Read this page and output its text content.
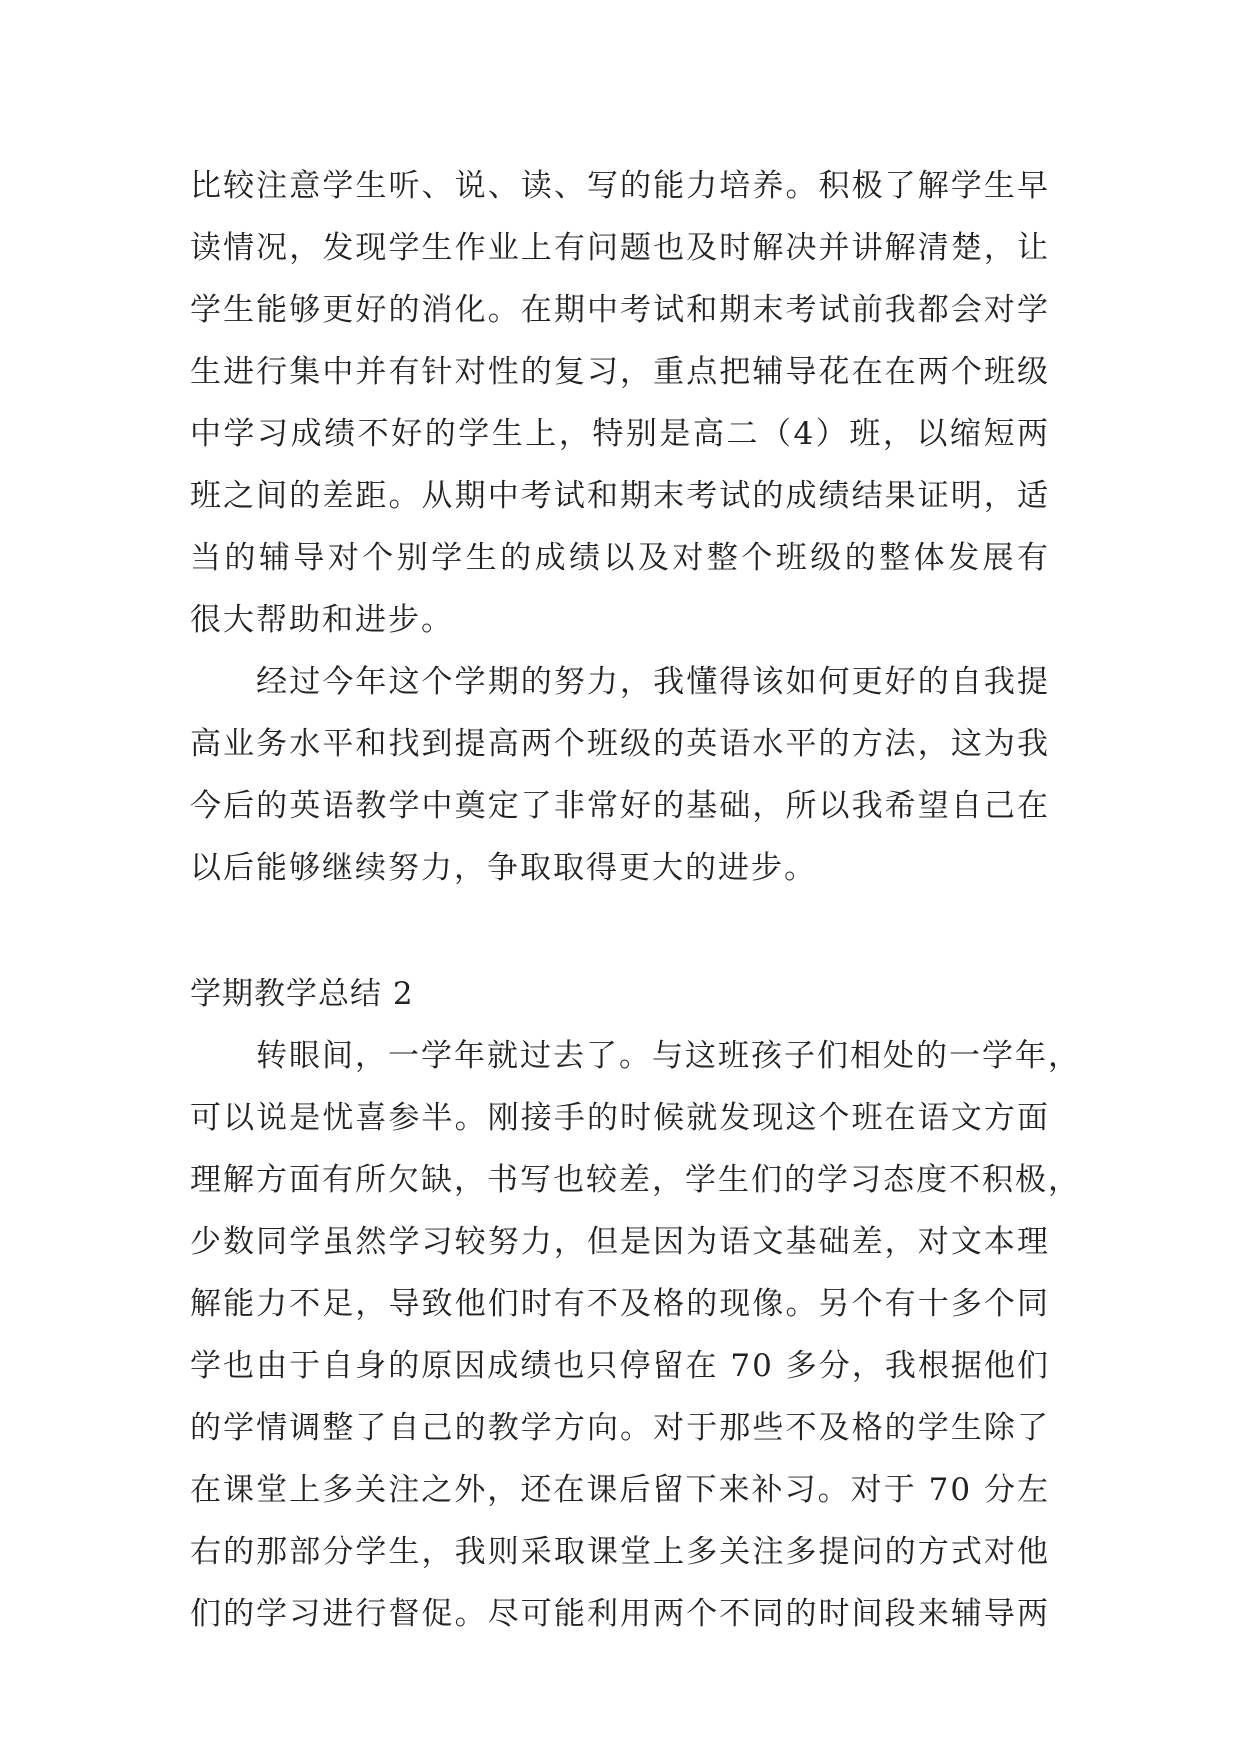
比较注意学生听、说、读、写的能力培养。积极了解学生早
读情况，发现学生作业上有问题也及时解决并讲解清楚，让
学生能够更好的消化。在期中考试和期末考试前我都会对学
生进行集中并有针对性的复习，重点把辅导花在在两个班级
中学习成绩不好的学生上，特别是高二（4）班，以缩短两
班之间的差距。从期中考试和期末考试的成绩结果证明，适
当的辅导对个别学生的成绩以及对整个班级的整体发展有
很大帮助和进步。
　　经过今年这个学期的努力，我懂得该如何更好的自我提
高业务水平和找到提高两个班级的英语水平的方法，这为我
今后的英语教学中奠定了非常好的基础，所以我希望自己在
以后能够继续努力，争取取得更大的进步。
学期教学总结 2
　　转眼间，一学年就过去了。与这班孩子们相处的一学年，
可以说是忧喜参半。刚接手的时候就发现这个班在语文方面
理解方面有所欠缺，书写也较差，学生们的学习态度不积极，
少数同学虽然学习较努力，但是因为语文基础差，对文本理
解能力不足，导致他们时有不及格的现像。另个有十多个同
学也由于自身的原因成绩也只停留在 70 多分，我根据他们
的学情调整了自己的教学方向。对于那些不及格的学生除了
在课堂上多关注之外，还在课后留下来补习。对于 70 分左
右的那部分学生，我则采取课堂上多关注多提问的方式对他
们的学习进行督促。尽可能利用两个不同的时间段来辅导两
